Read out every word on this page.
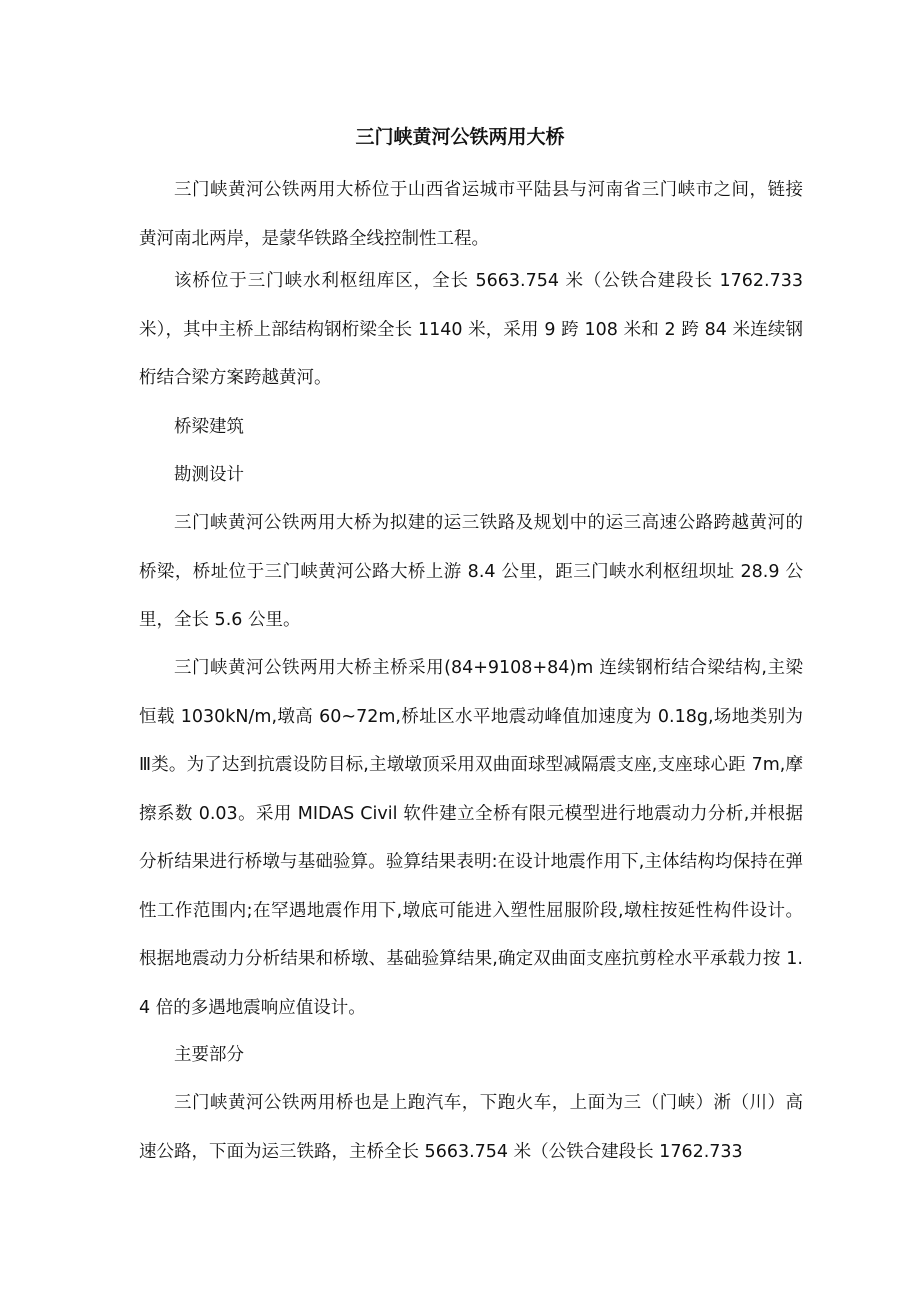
三门峡黄河公铁两用大桥

三门峡黄河公铁两用大桥位于山西省运城市平陆县与河南省三门峡市之间，链接黄河南北两岸，是蒙华铁路全线控制性工程。

该桥位于三门峡水利枢纽库区，全长 5663.754 米（公铁合建段长 1762.733 米），其中主桥上部结构钢桁梁全长 1140 米，采用 9 跨 108 米和 2 跨 84 米连续钢桁结合梁方案跨越黄河。

桥梁建筑

勘测设计

三门峡黄河公铁两用大桥为拟建的运三铁路及规划中的运三高速公路跨越黄河的桥梁，桥址位于三门峡黄河公路大桥上游 8.4 公里，距三门峡水利枢纽坝址 28.9 公里，全长 5.6 公里。

三门峡黄河公铁两用大桥主桥采用(84+9108+84)m 连续钢桁结合梁结构,主梁恒载 1030kN/m,墩高 60~72m,桥址区水平地震动峰值加速度为 0.18g,场地类别为Ⅲ类。为了达到抗震设防目标,主墩墩顶采用双曲面球型减隔震支座,支座球心距 7m,摩擦系数 0.03。采用 MIDAS Civil 软件建立全桥有限元模型进行地震动力分析,并根据分析结果进行桥墩与基础验算。验算结果表明:在设计地震作用下,主体结构均保持在弹性工作范围内;在罕遇地震作用下,墩底可能进入塑性屈服阶段,墩柱按延性构件设计。根据地震动力分析结果和桥墩、基础验算结果,确定双曲面支座抗剪栓水平承载力按 1.4 倍的多遇地震响应值设计。

主要部分

三门峡黄河公铁两用桥也是上跑汽车，下跑火车，上面为三（门峡）淅（川）高速公路，下面为运三铁路，主桥全长 5663.754 米（公铁合建段长 1762.733
